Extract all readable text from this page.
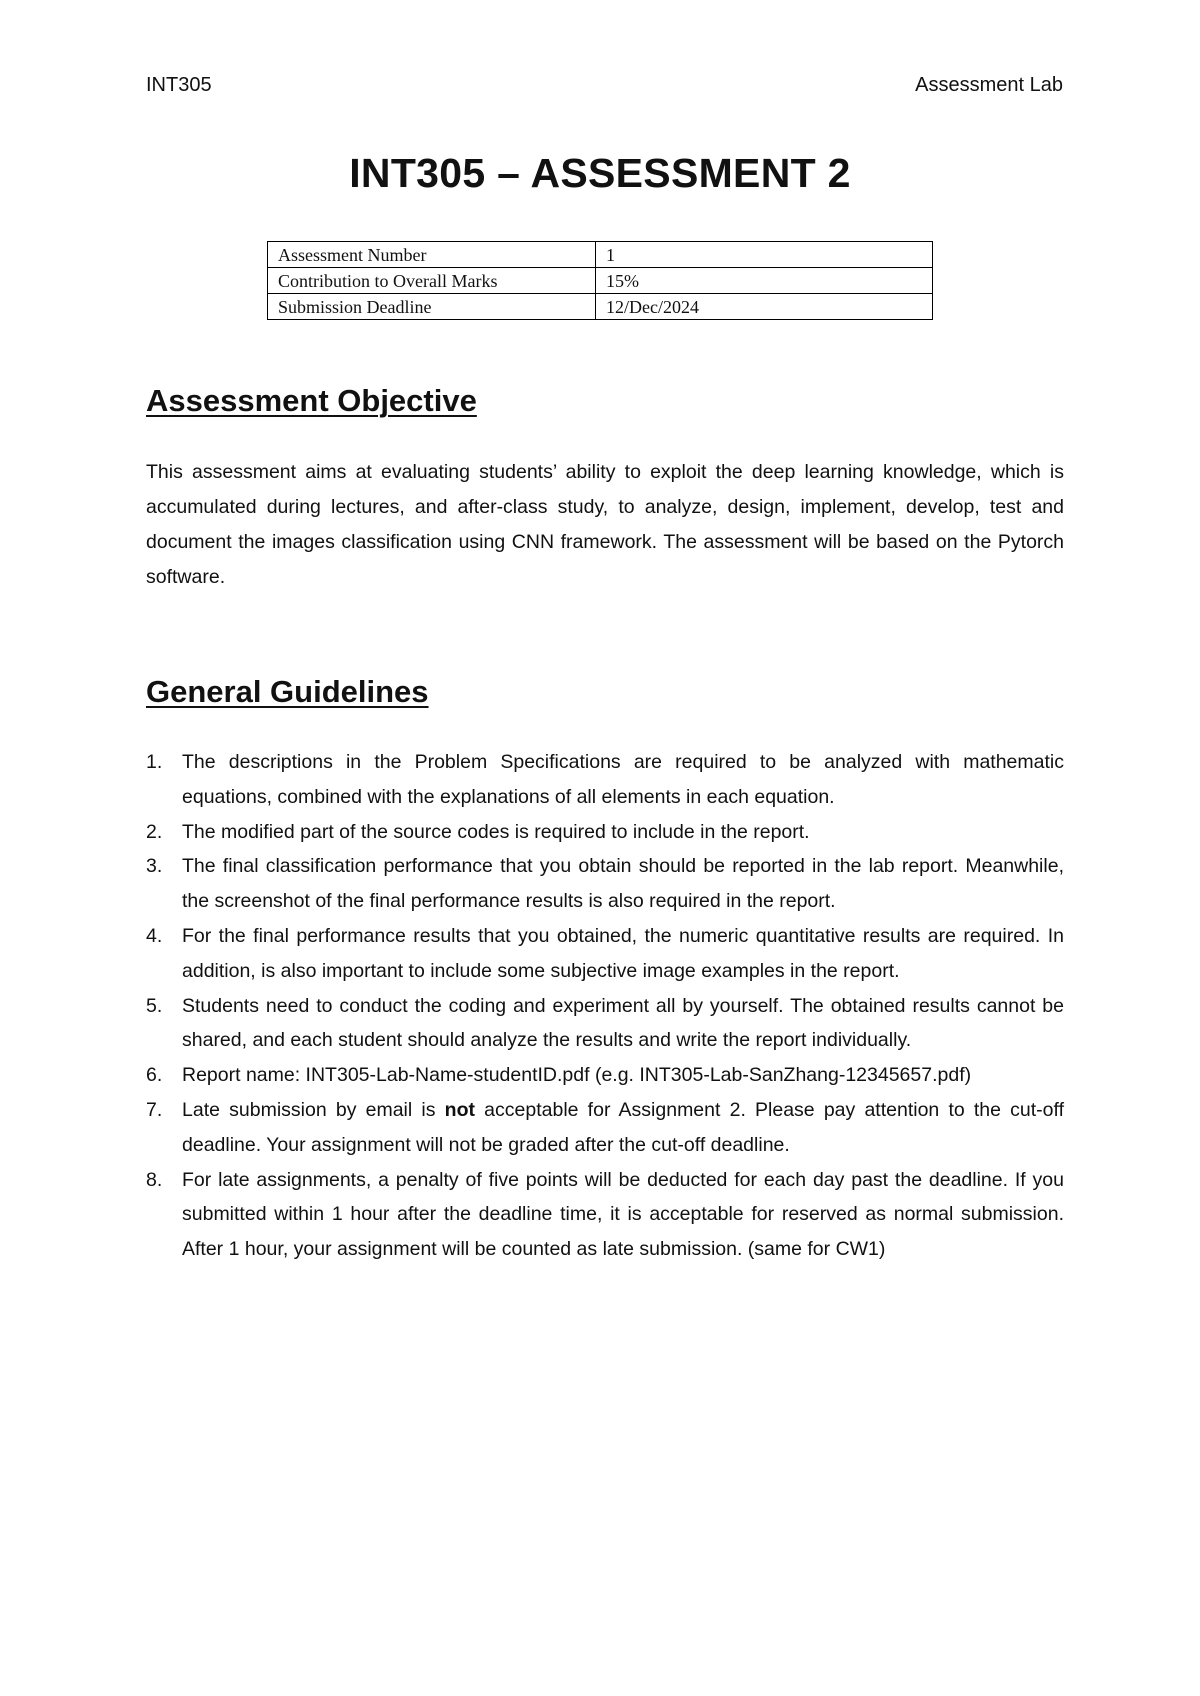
INT305	Assessment Lab
INT305 – ASSESSMENT 2
Assessment Number	1
Contribution to Overall Marks	15%
Submission Deadline	12/Dec/2024
Assessment Objective

This assessment aims at evaluating students’ ability to exploit the deep learning knowledge, which is accumulated during lectures, and after-class study, to analyze, design, implement, develop, test and document the images classification using CNN framework. The assessment will be based on the Pytorch software.

General Guidelines
1. The descriptions in the Problem Specifications are required to be analyzed with mathematic equations, combined with the explanations of all elements in each equation.
2. The modified part of the source codes is required to include in the report.
3. The final classification performance that you obtain should be reported in the lab report. Meanwhile, the screenshot of the final performance results is also required in the report.
4. For the final performance results that you obtained, the numeric quantitative results are required. In addition, is also important to include some subjective image examples in the report.
5. Students need to conduct the coding and experiment all by yourself. The obtained results cannot be shared, and each student should analyze the results and write the report individually.
6. Report name: INT305-Lab-Name-studentID.pdf (e.g. INT305-Lab-SanZhang-12345657.pdf)
7. Late submission by email is not acceptable for Assignment 2. Please pay attention to the cut-off deadline. Your assignment will not be graded after the cut-off deadline.
8. For late assignments, a penalty of five points will be deducted for each day past the deadline. If you submitted within 1 hour after the deadline time, it is acceptable for reserved as normal submission. After 1 hour, your assignment will be counted as late submission. (same for CW1)
